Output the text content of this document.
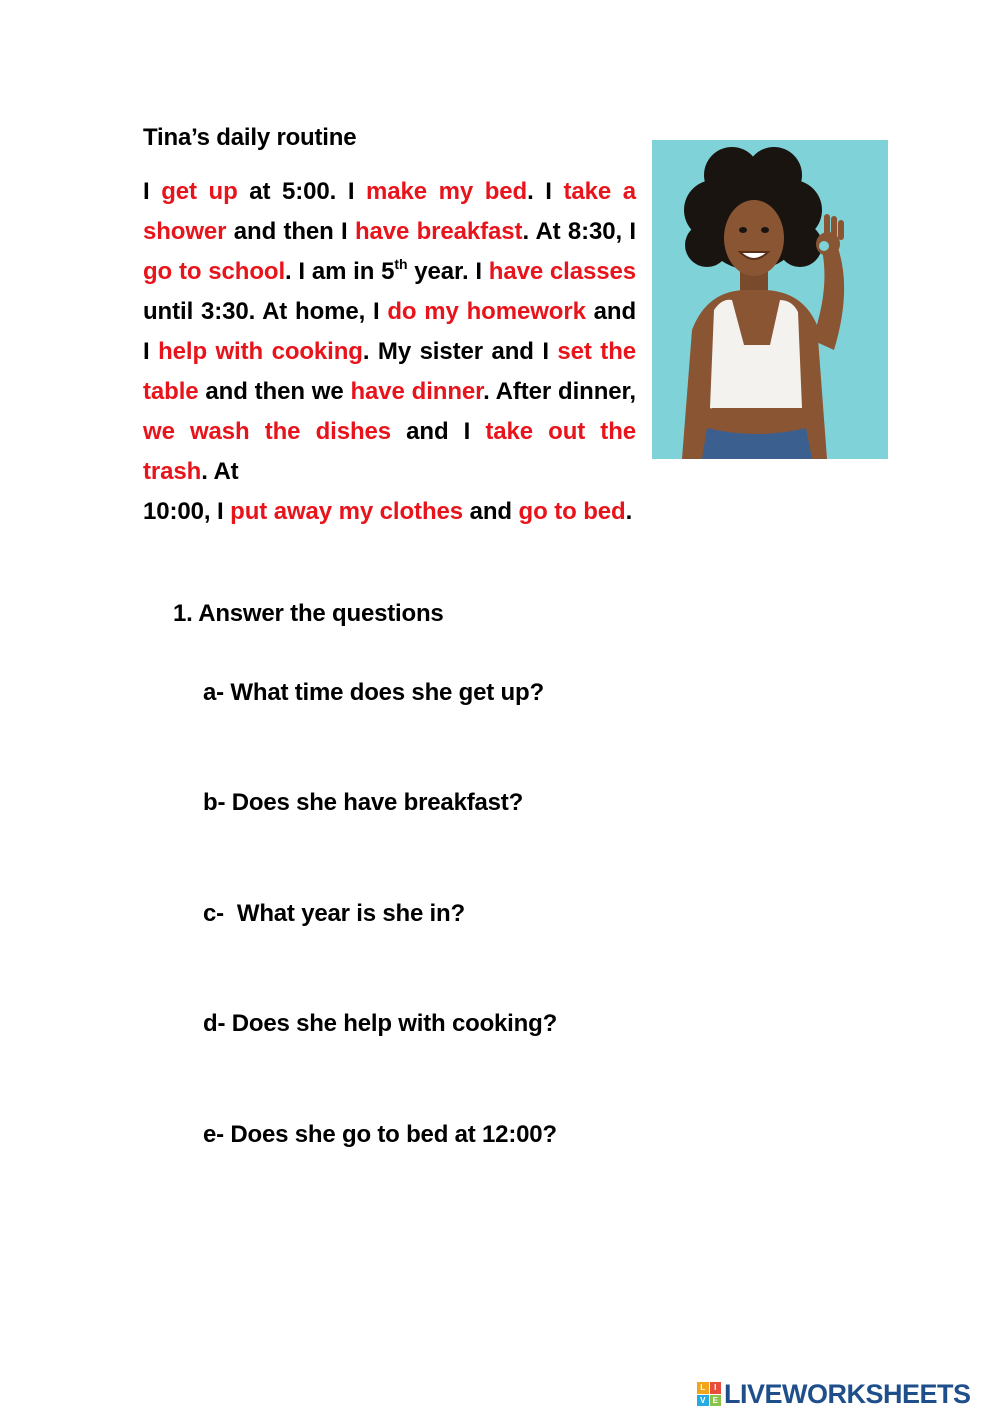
Tina’s daily routine
I get up at 5:00. I make my bed. I take a shower and then I have breakfast. At 8:30, I go to school. I am in 5th year. I have classes until 3:30. At home, I do my homework and I help with cooking. My sister and I set the table and then we have dinner. After dinner, we wash the dishes and I take out the trash. At
10:00, I put away my clothes and go to bed.
1. Answer the questions
a- What time does she get up?
b- Does she have breakfast?
c-  What year is she in?
d- Does she help with cooking?
e- Does she go to bed at 12:00?
L	I
V E LIVEWORKSHEETS
